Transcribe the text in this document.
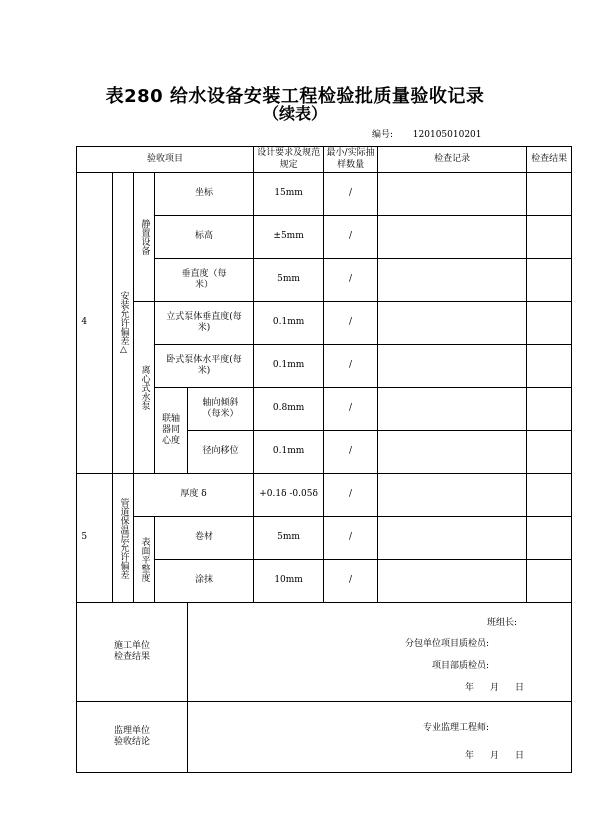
表280 给水设备安装工程检验批质量验收记录
（续表）
编号: 120105010201
验收项目						设计要求及规范规定	最小/实际抽样数量	检查记录	检查结果
4		安装允许偏差△	静置设备	坐标		15mm	/		
				标高		±5mm	/		

				垂直度（每米）		5mm	/		

			离心式水泵	立式泵体垂直度(每米)		0.1mm	/		

				卧式泵体水平度(每米)		0.1mm	/		

				联轴器同心度	轴向倾斜（每米）	0.8mm	/		
					径向移位	0.1mm	/		
5		管道保温层允许偏差	厚度 δ			+0.1δ -0.05δ	/		

			表面平整度	卷材		5mm	/		
				涂抹		10mm	/		

施工单位检查结果					班组长:
分包单位项目质检员:
项目部质检员:
年 月 日				

监理单位验收结论					专业监理工程师:
年 月 日				
